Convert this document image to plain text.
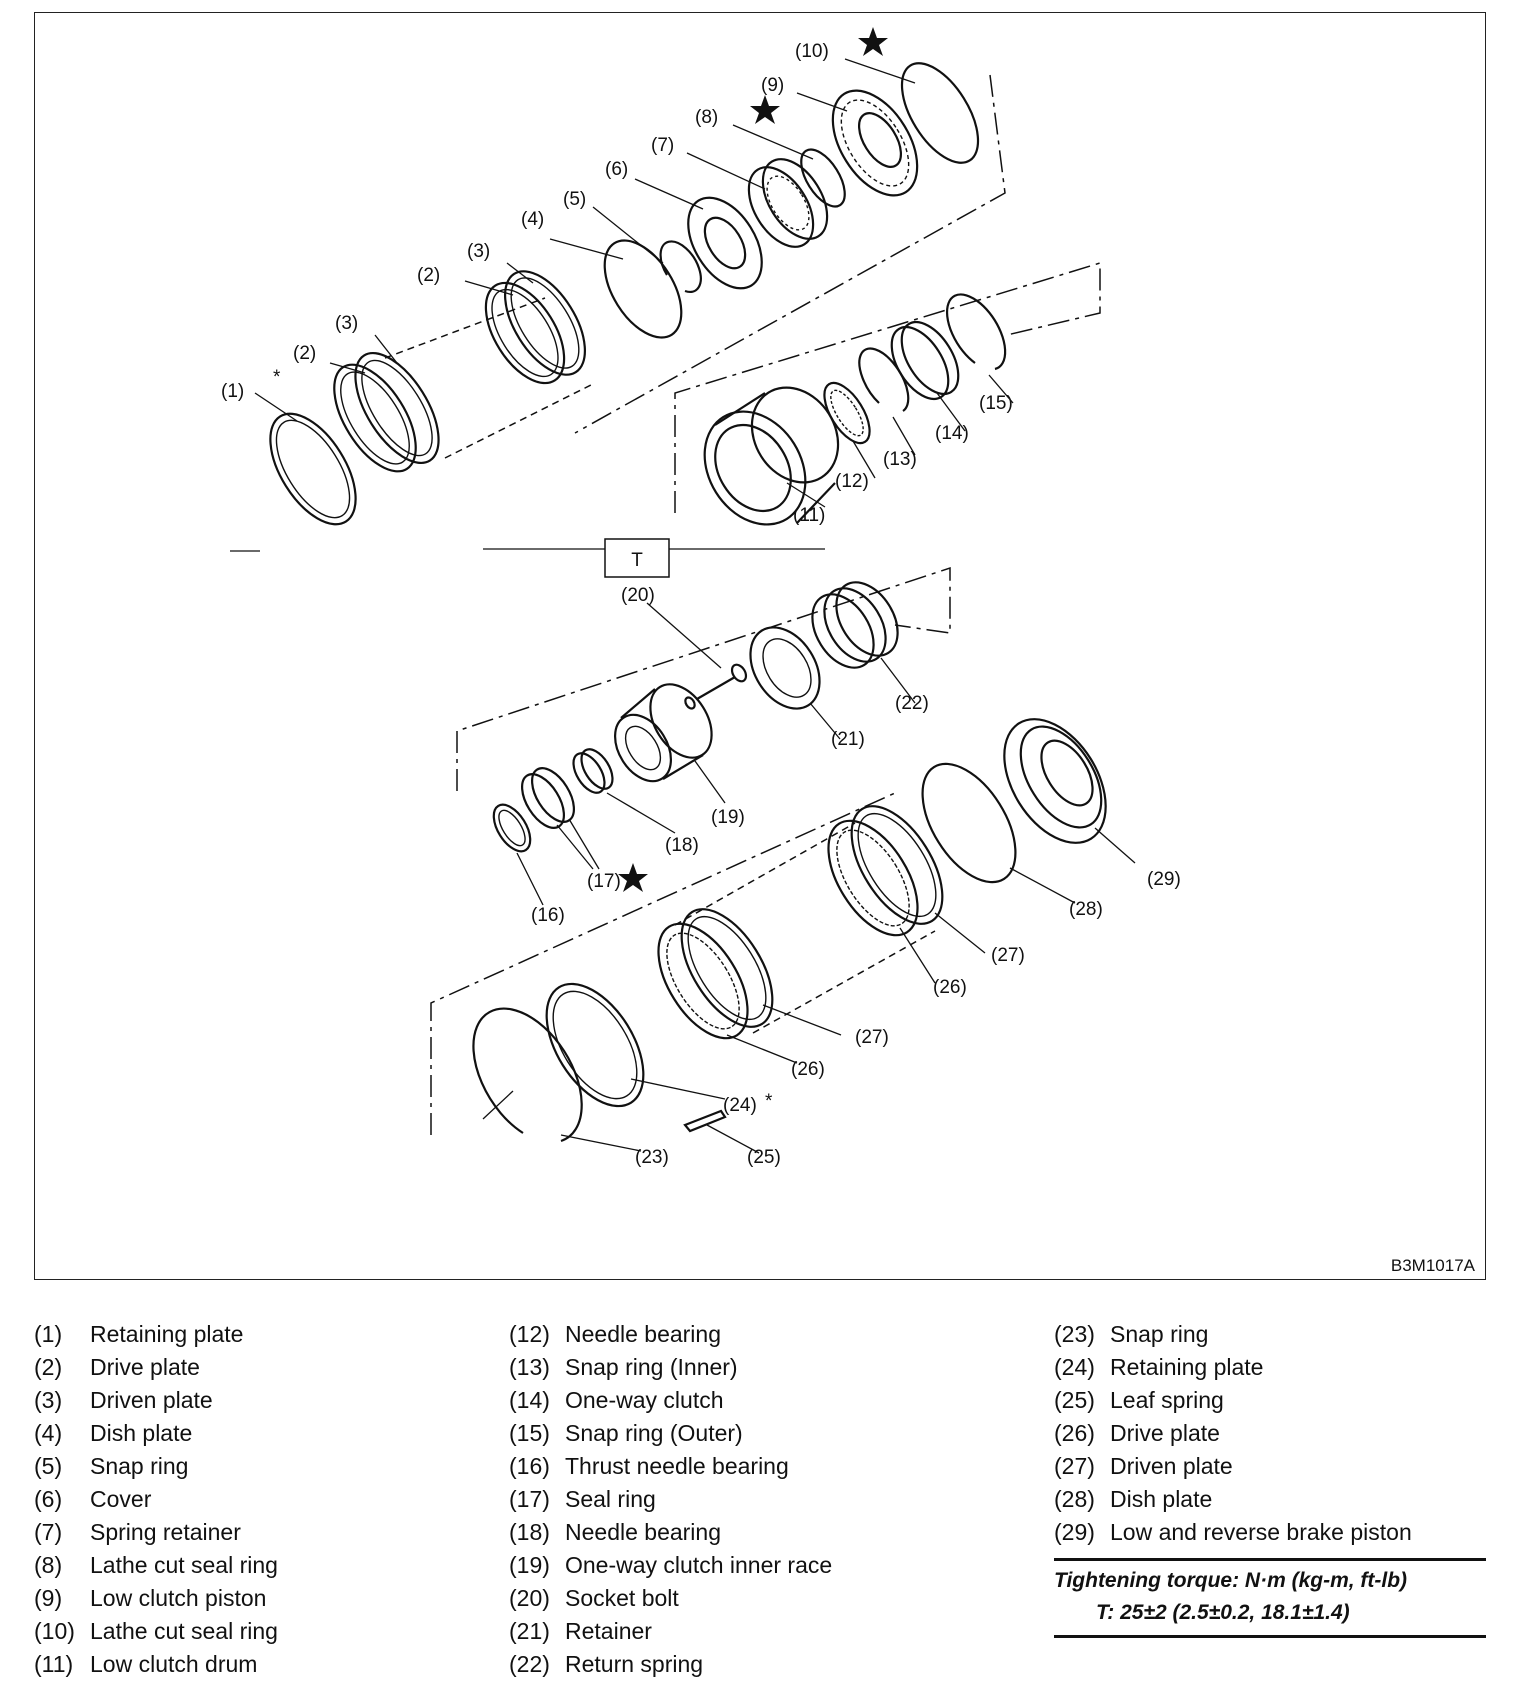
*
T
*
(1)
(2)
(3)
(2)
(3)
(4)
(5)
(6)
(7)
(8)
(9)
(10)
(11)
(12)
(13)
(14)
(15)
(20)
(21)
(22)
(19)
(18)
(17)
(16)
(29)
(28)
(27)
(26)
(27)
(26)
(24)
(23)	(25)
B3M1017A
(1)	Retaining plate
(2)	Drive plate
(3)	Driven plate
(4)	Dish plate
(5)	Snap ring
(6)	Cover
(7)	Spring retainer
(8)	Lathe cut seal ring
(9)	Low clutch piston
(10) Lathe cut seal ring
(11) Low clutch drum
(12) Needle bearing
(13) Snap ring (Inner)
(14) One-way clutch
(15) Snap ring (Outer)
(16) Thrust needle bearing
(17) Seal ring
(18) Needle bearing
(19) One-way clutch inner race
(20) Socket bolt
(21) Retainer
(22) Return spring
(23) Snap ring
(24) Retaining plate
(25) Leaf spring
(26) Drive plate
(27) Driven plate
(28) Dish plate
(29) Low and reverse brake piston
Tightening torque: N·m (kg-m, ft-lb)
T: 25±2 (2.5±0.2, 18.1±1.4)
